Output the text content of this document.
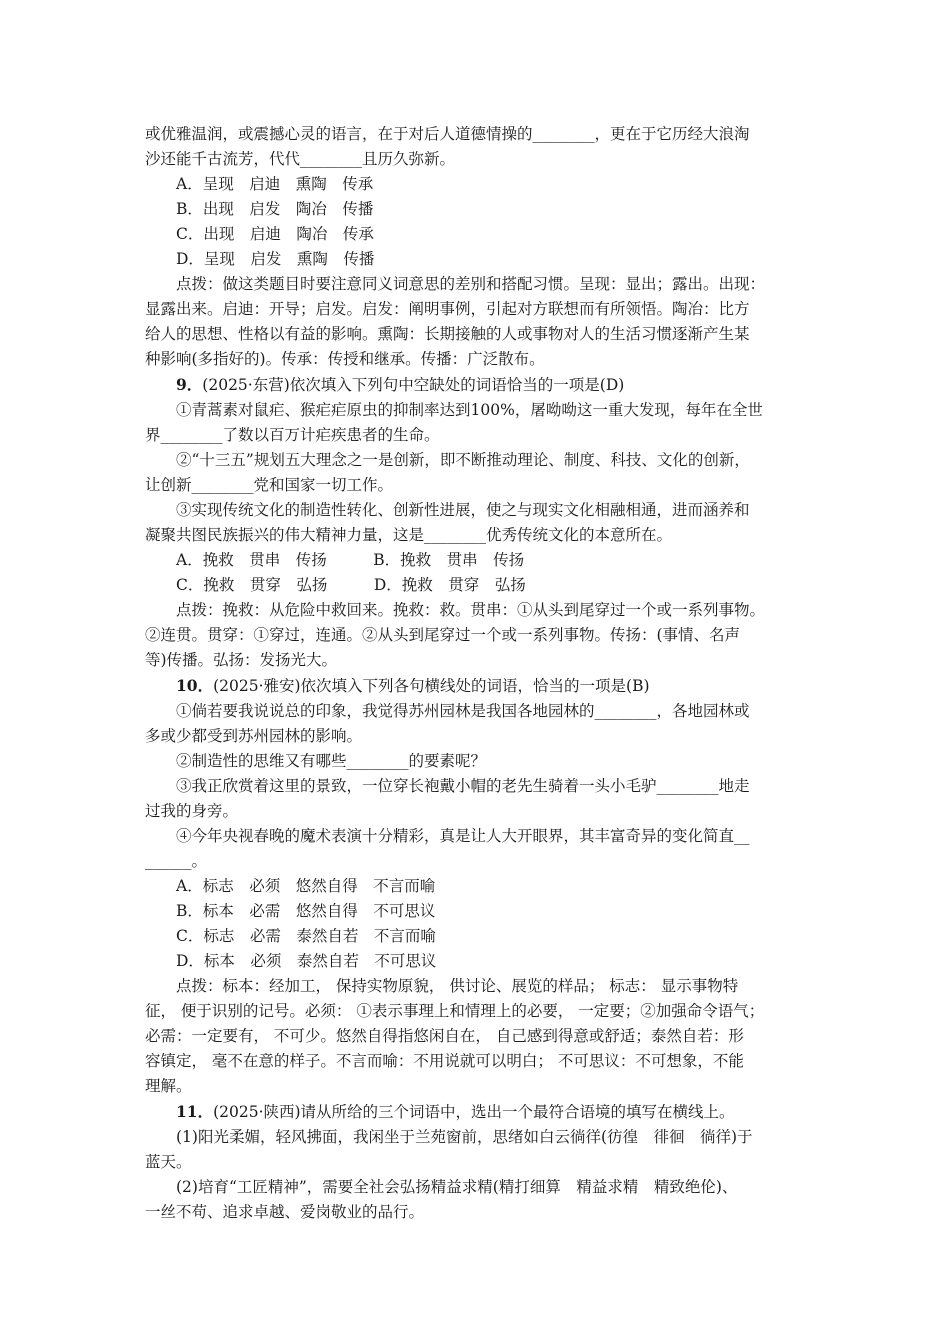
或优雅温润，或震撼心灵的语言，在于对后人道德情操的________，更在于它历经大浪淘

沙还能千古流芳，代代________且历久弥新。

A．呈现　启迪　熏陶　传承

B．出现　启发　陶冶　传播

C．出现　启迪　陶冶　传承

D．呈现　启发　熏陶　传播

点拨：做这类题目时要注意同义词意思的差别和搭配习惯。呈现：显出；露出。出现：

显露出来。启迪：开导；启发。启发：阐明事例，引起对方联想而有所领悟。陶冶：比方

给人的思想、性格以有益的影响。熏陶：长期接触的人或事物对人的生活习惯逐渐产生某

种影响(多指好的)。传承：传授和继承。传播：广泛散布。

9．(2025·东营)依次填入下列句中空缺处的词语恰当的一项是(D)

①青蒿素对鼠疟、猴疟疟原虫的抑制率达到100%，屠呦呦这一重大发现，每年在全世

界________了数以百万计疟疾患者的生命。

②“十三五”规划五大理念之一是创新，即不断推动理论、制度、科技、文化的创新，

让创新________党和国家一切工作。

③实现传统文化的制造性转化、创新性进展，使之与现实文化相融相通，进而涵养和

凝聚共图民族振兴的伟大精神力量，这是________优秀传统文化的本意所在。

A．挽救　贯串　传扬　　　B．挽救　贯串　传扬

C．挽救　贯穿　弘扬　　　D．挽救　贯穿　弘扬

点拨：挽救：从危险中救回来。挽救：救。贯串：①从头到尾穿过一个或一系列事物。

②连贯。贯穿：①穿过，连通。②从头到尾穿过一个或一系列事物。传扬：(事情、名声

等)传播。弘扬：发扬光大。

10．(2025·雅安)依次填入下列各句横线处的词语，恰当的一项是(B)

①倘若要我说说总的印象，我觉得苏州园林是我国各地园林的________，各地园林或

多或少都受到苏州园林的影响。

②制造性的思维又有哪些________的要素呢？

③我正欣赏着这里的景致，一位穿长袍戴小帽的老先生骑着一头小毛驴________地走

过我的身旁。

④今年央视春晚的魔术表演十分精彩，真是让人大开眼界，其丰富奇异的变化简直__

______。

A．标志　必须　悠然自得　不言而喻

B．标本　必需　悠然自得　不可思议

C．标志　必需　泰然自若　不言而喻

D．标本　必须　泰然自若　不可思议

点拨：标本：经加工， 保持实物原貌， 供讨论、展览的样品； 标志： 显示事物特

征， 便于识别的记号。必须： ①表示事理上和情理上的必要， 一定要；②加强命令语气；

必需：一定要有， 不可少。悠然自得指悠闲自在， 自己感到得意或舒适；泰然自若：形

容镇定， 毫不在意的样子。不言而喻：不用说就可以明白； 不可思议：不可想象，不能

理解。

11．(2025·陕西)请从所给的三个词语中，选出一个最符合语境的填写在横线上。

(1)阳光柔媚，轻风拂面，我闲坐于兰苑窗前，思绪如白云徜徉(彷徨　徘徊　徜徉)于

蓝天。

(2)培育“工匠精神”，需要全社会弘扬精益求精(精打细算　精益求精　精致绝伦)、

一丝不苟、追求卓越、爱岗敬业的品行。
